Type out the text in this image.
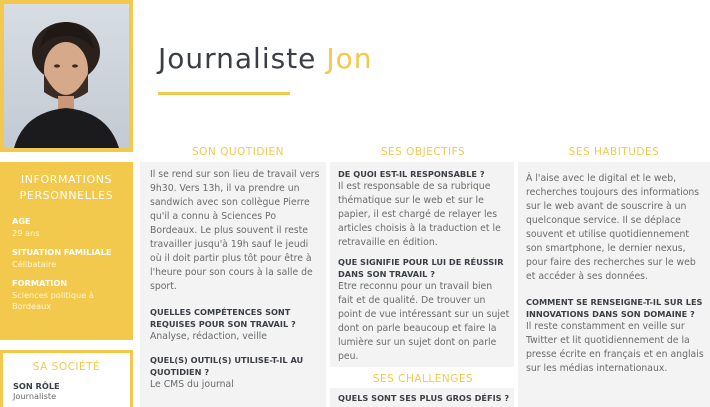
Journaliste Jon
SON QUOTIDIEN	SES OBJECTIFS	SES HABITUDES
INFORMATIONS
PERSONNELLES
AGE
29 ans
SITUATION FAMILIALE
Célibataire
FORMATION
Sciences politique à Bordeaux
SA SOCIÉTÉ
SON RÔLE
Journaliste
Il se rend sur son lieu de travail vers 9h30. Vers 13h, il va prendre un sandwich avec son collègue Pierre qu'il a connu à Sciences Po Bordeaux. Le plus souvent il reste travailler jusqu'à 19h sauf le jeudi où il doit partir plus tôt pour être à l'heure pour son cours à la salle de sport.
QUELLES COMPÉTENCES SONT REQUISES POUR SON TRAVAIL ?
Analyse, rédaction, veille
QUEL(S) OUTIL(S) UTILISE-T-IL AU QUOTIDIEN ?
Le CMS du journal
DE QUOI EST-IL RESPONSABLE ?
Il est responsable de sa rubrique thématique sur le web et sur le papier, il est chargé de relayer les articles choisis à la traduction et le retravaille en édition.
QUE SIGNIFIE POUR LUI DE RÉUSSIR DANS SON TRAVAIL ?
Etre reconnu pour un travail bien fait et de qualité. De trouver un point de vue intéressant sur un sujet dont on parle beaucoup et faire la lumière sur un sujet dont on parle peu.
SES CHALLENGES
QUELS SONT SES PLUS GROS DÉFIS ?
À l'aise avec le digital et le web, recherches toujours des informations sur le web avant de souscrire à un quelconque service. Il se déplace souvent et utilise quotidiennement son smartphone, le dernier nexus, pour faire des recherches sur le web et accéder à ses données.
COMMENT SE RENSEIGNE-T-IL SUR LES INNOVATIONS DANS SON DOMAINE ?
Il reste constamment en veille sur Twitter et lit quotidiennement de la presse écrite en français et en anglais sur les médias internationaux.
